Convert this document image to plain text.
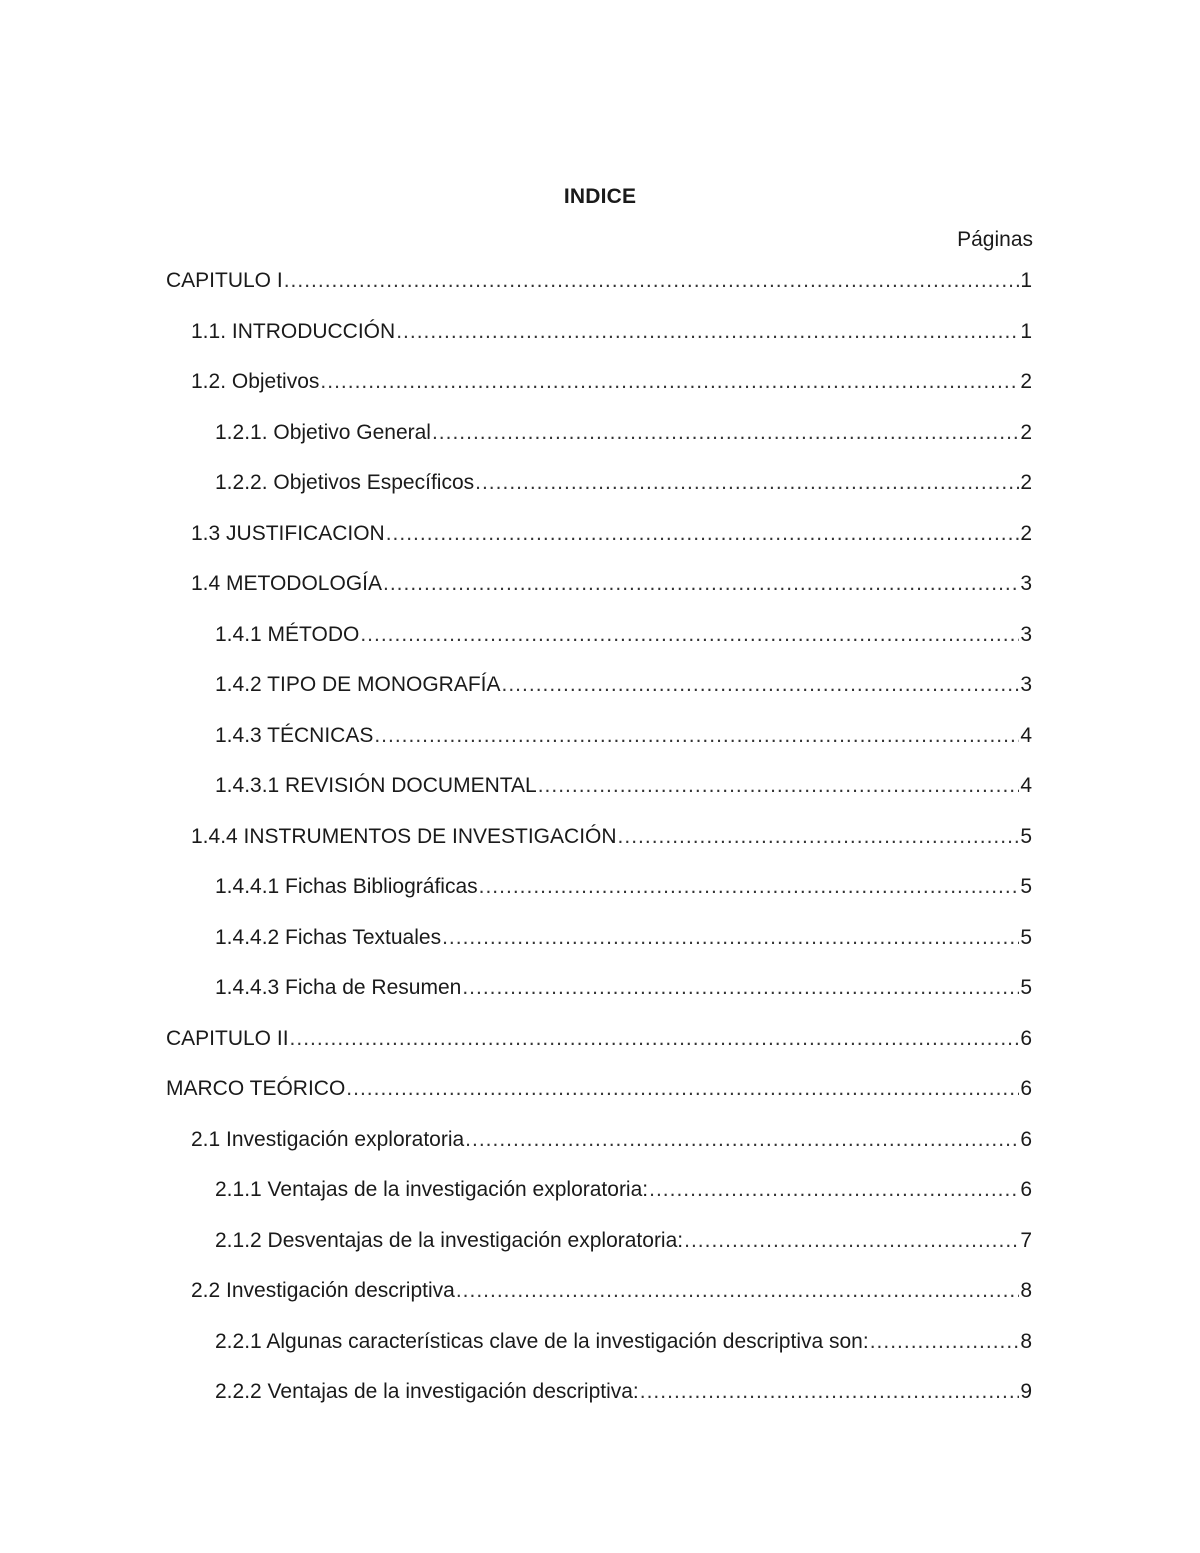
INDICE
Páginas
CAPITULO I .....	1
1.1. INTRODUCCIÓN .....	1
1.2. Objetivos .....	2
1.2.1. Objetivo General .....	2
1.2.2. Objetivos Específicos .....	2
1.3 JUSTIFICACION .....	2
1.4 METODOLOGÍA .....	3
1.4.1 MÉTODO .....	3
1.4.2 TIPO DE MONOGRAFÍA .....	3
1.4.3 TÉCNICAS .....	4
1.4.3.1 REVISIÓN DOCUMENTAL .....	4
1.4.4 INSTRUMENTOS DE INVESTIGACIÓN .....	5
1.4.4.1 Fichas Bibliográficas .....	5
1.4.4.2 Fichas Textuales .....	5
1.4.4.3 Ficha de Resumen .....	5
CAPITULO II .....	6
MARCO TEÓRICO .....	6
2.1 Investigación exploratoria .....	6
2.1.1 Ventajas de la investigación exploratoria: .....	6
2.1.2 Desventajas de la investigación exploratoria: .....	7
2.2 Investigación descriptiva .....	8
2.2.1 Algunas características clave de la investigación descriptiva son: .....	8
2.2.2 Ventajas de la investigación descriptiva: .....	9
